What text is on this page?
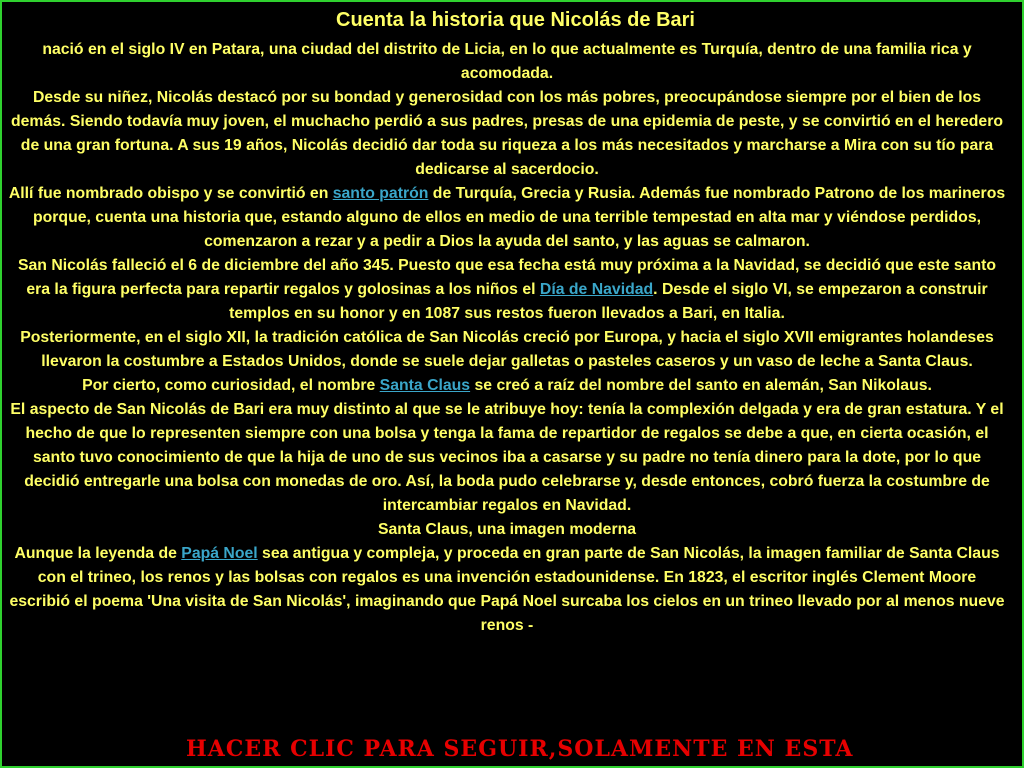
Cuenta la historia que Nicolás de Bari

nació en el siglo IV en Patara, una ciudad del distrito de Licia, en lo que actualmente es Turquía, dentro de una familia rica y acomodada.

Desde su niñez, Nicolás destacó por su bondad y generosidad con los más pobres, preocupándose siempre por el bien de los demás. Siendo todavía muy joven, el muchacho perdió a sus padres, presas de una epidemia de peste, y se convirtió en el heredero de una gran fortuna. A sus 19 años, Nicolás decidió dar toda su riqueza a los más necesitados y marcharse a Mira con su tío para dedicarse al sacerdocio.

Allí fue nombrado obispo y se convirtió en santo patrón de Turquía, Grecia y Rusia. Además fue nombrado Patrono de los marineros porque, cuenta una historia que, estando alguno de ellos en medio de una terrible tempestad en alta mar y viéndose perdidos, comenzaron a rezar y a pedir a Dios la ayuda del santo, y las aguas se calmaron.

San Nicolás falleció el 6 de diciembre del año 345. Puesto que esa fecha está muy próxima a la Navidad, se decidió que este santo era la figura perfecta para repartir regalos y golosinas a los niños el Día de Navidad. Desde el siglo VI, se empezaron a construir templos en su honor y en 1087 sus restos fueron llevados a Bari, en Italia.

Posteriormente, en el siglo XII, la tradición católica de San Nicolás creció por Europa, y hacia el siglo XVII emigrantes holandeses llevaron la costumbre a Estados Unidos, donde se suele dejar galletas o pasteles caseros y un vaso de leche a Santa Claus.

Por cierto, como curiosidad, el nombre Santa Claus se creó a raíz del nombre del santo en alemán, San Nikolaus.

El aspecto de San Nicolás de Bari era muy distinto al que se le atribuye hoy: tenía la complexión delgada y era de gran estatura. Y el hecho de que lo representen siempre con una bolsa y tenga la fama de repartidor de regalos se debe a que, en cierta ocasión, el santo tuvo conocimiento de que la hija de uno de sus vecinos iba a casarse y su padre no tenía dinero para la dote, por lo que decidió entregarle una bolsa con monedas de oro. Así, la boda pudo celebrarse y, desde entonces, cobró fuerza la costumbre de intercambiar regalos en Navidad.

Santa Claus, una imagen moderna

Aunque la leyenda de Papá Noel sea antigua y compleja, y proceda en gran parte de San Nicolás, la imagen familiar de Santa Claus con el trineo, los renos y las bolsas con regalos es una invención estadounidense. En 1823, el escritor inglés Clement Moore escribió el poema 'Una visita de San Nicolás', imaginando que Papá Noel surcaba los cielos en un trineo llevado por al menos nueve renos -

HACER CLIC PARA SEGUIR,SOLAMENTE EN ESTA
